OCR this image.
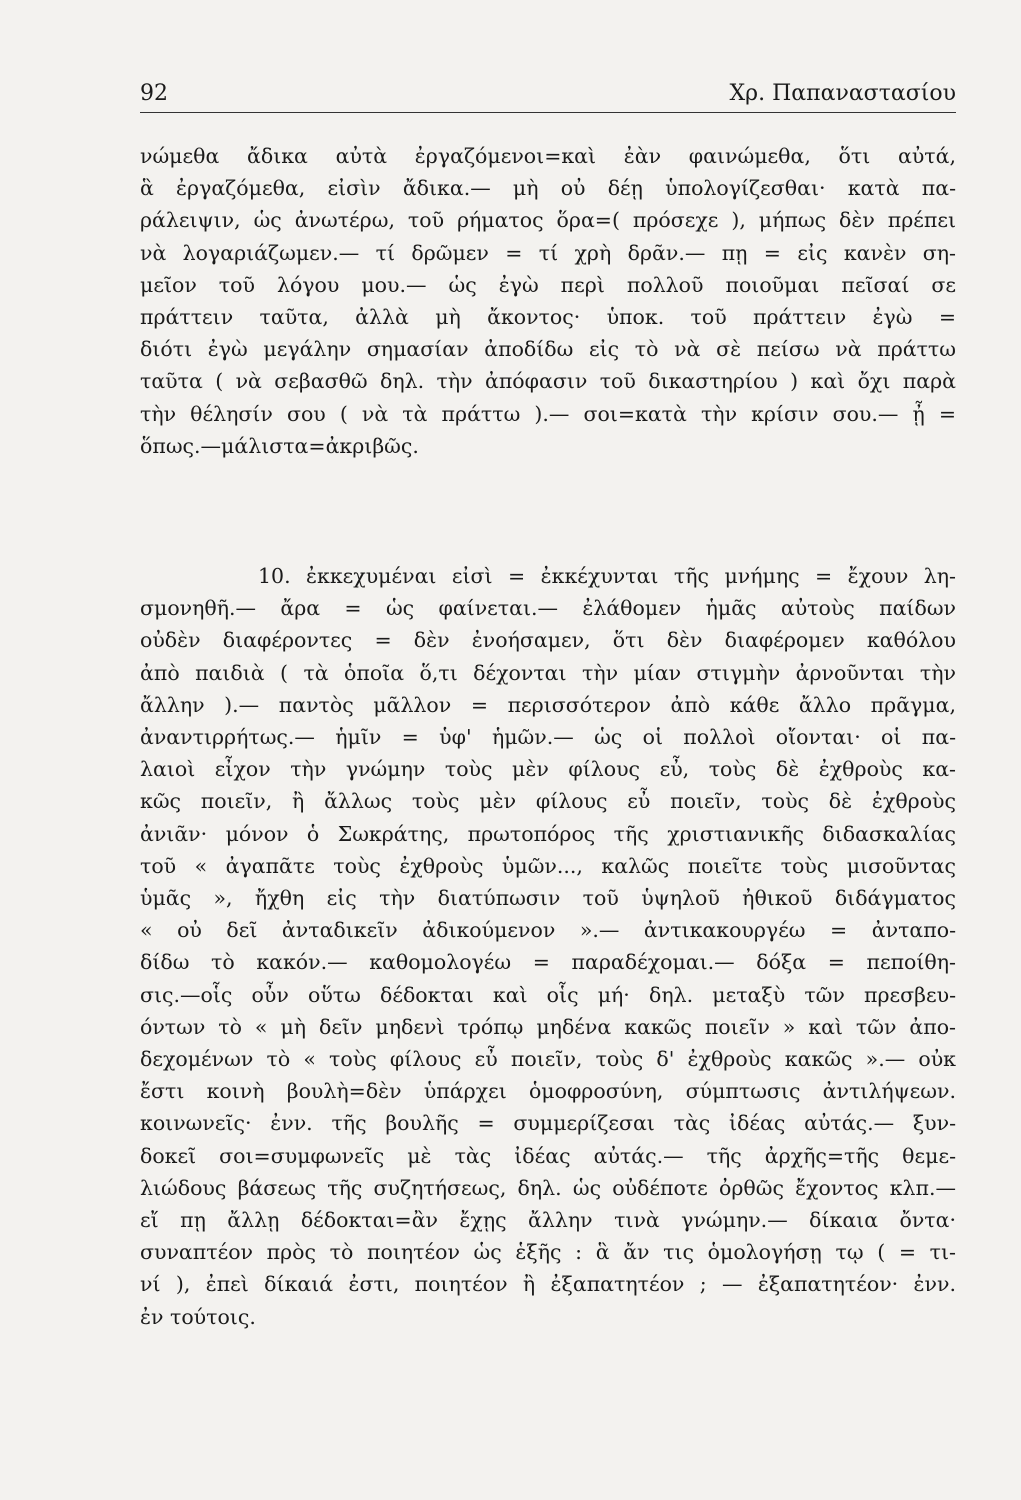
92	Χρ. Παπαναστασίου
νώμεθα ἄδικα αὐτὰ ἐργαζόμενοι=καὶ ἐὰν φαινώμεθα, ὅτι αὐτά,
ἃ ἐργαζόμεθα, εἰσὶν ἄδικα.— μὴ οὐ δέῃ ὑπολογίζεσθαι· κατὰ πα-
ράλειψιν, ὡς ἀνωτέρω, τοῦ ρήματος ὅρα=( πρόσεχε ), μήπως δὲν πρέπει
νὰ λογαριάζωμεν.— τί δρῶμεν = τί χρὴ δρᾶν.— πῃ = εἰς κανὲν ση-
μεῖον τοῦ λόγου μου.— ὡς ἐγὼ περὶ πολλοῦ ποιοῦμαι πεῖσαί σε
πράττειν ταῦτα, ἀλλὰ μὴ ἄκοντος· ὑποκ. τοῦ πράττειν ἐγὼ =
διότι ἐγὼ μεγάλην σημασίαν ἀποδίδω εἰς τὸ νὰ σὲ πείσω νὰ πράττω
ταῦτα ( νὰ σεβασθῶ δηλ. τὴν ἀπόφασιν τοῦ δικαστηρίου ) καὶ ὄχι παρὰ
τὴν θέλησίν σου ( νὰ τὰ πράττω ).— σοι=κατὰ τὴν κρίσιν σου.— ᾖ =
ὅπως.—μάλιστα=ἀκριβῶς.
10. ἐκκεχυμέναι εἰσὶ = ἐκκέχυνται τῆς μνήμης = ἔχουν λη-
σμονηθῆ.— ἄρα = ὡς φαίνεται.— ἐλάθομεν ἡμᾶς αὐτοὺς παίδων
οὐδὲν διαφέροντες = δὲν ἐνοήσαμεν, ὅτι δὲν διαφέρομεν καθόλου
ἀπὸ παιδιὰ ( τὰ ὁποῖα ὅ,τι δέχονται τὴν μίαν στιγμὴν ἀρνοῦνται τὴν
ἄλλην ).— παντὸς μᾶλλον = περισσότερον ἀπὸ κάθε ἄλλο πρᾶγμα,
ἀναντιρρήτως.— ἡμῖν = ὑφ' ἡμῶν.— ὡς οἱ πολλοὶ οἴονται· οἱ πα-
λαιοὶ εἶχον τὴν γνώμην τοὺς μὲν φίλους εὖ, τοὺς δὲ ἐχθροὺς κα-
κῶς ποιεῖν, ἢ ἄλλως τοὺς μὲν φίλους εὖ ποιεῖν, τοὺς δὲ ἐχθροὺς
ἀνιᾶν· μόνον ὁ Σωκράτης, πρωτοπόρος τῆς χριστιανικῆς διδασκαλίας
τοῦ « ἀγαπᾶτε τοὺς ἐχθροὺς ὑμῶν..., καλῶς ποιεῖτε τοὺς μισοῦντας
ὑμᾶς », ἤχθη εἰς τὴν διατύπωσιν τοῦ ὑψηλοῦ ἠθικοῦ διδάγματος
« οὐ δεῖ ἀνταδικεῖν ἀδικούμενον ».— ἀντικακουργέω = ἀνταπο-
δίδω τὸ κακόν.— καθομολογέω = παραδέχομαι.— δόξα = πεποίθη-
σις.—οἷς οὖν οὕτω δέδοκται καὶ οἷς μή· δηλ. μεταξὺ τῶν πρεσβευ-
όντων τὸ « μὴ δεῖν μηδενὶ τρόπῳ μηδένα κακῶς ποιεῖν » καὶ τῶν ἀπο-
δεχομένων τὸ « τοὺς φίλους εὖ ποιεῖν, τοὺς δ' ἐχθροὺς κακῶς ».— οὐκ
ἔστι κοινὴ βουλὴ=δὲν ὑπάρχει ὁμοφροσύνη, σύμπτωσις ἀντιλήψεων.
κοινωνεῖς· ἐνν. τῆς βουλῆς = συμμερίζεσαι τὰς ἰδέας αὐτάς.— ξυν-
δοκεῖ σοι=συμφωνεῖς μὲ τὰς ἰδέας αὐτάς.— τῆς ἀρχῆς=τῆς θεμε-
λιώδους βάσεως τῆς συζητήσεως, δηλ. ὡς οὐδέποτε ὀρθῶς ἔχοντος κλπ.—
εἴ πῃ ἄλλῃ δέδοκται=ἂν ἔχῃς ἄλλην τινὰ γνώμην.— δίκαια ὄντα·
συναπτέον πρὸς τὸ ποιητέον ὡς ἑξῆς : ἃ ἄν τις ὁμολογήσῃ τῳ ( = τι-
νί ), ἐπεὶ δίκαιά ἐστι, ποιητέον ἢ ἐξαπατητέον ; — ἐξαπατητέον· ἐνν.
ἐν τούτοις.
